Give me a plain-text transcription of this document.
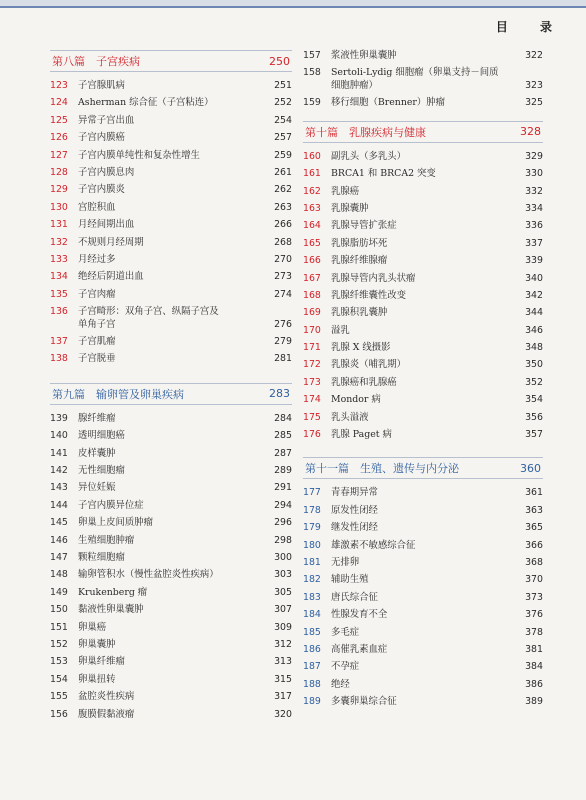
目 录
第八篇　子宫疾病	250
123	子宫腺肌病	251
124	Asherman 综合征（子宫粘连）	252
125	异常子宫出血	254
126	子宫内膜癌	257
127	子宫内膜单纯性和复杂性增生	259
128	子宫内膜息肉	261
129	子宫内膜炎	262
130	宫腔积血	263
131	月经间期出血	266
132	不规则月经周期	268
133	月经过多	270
134	绝经后阴道出血	273
135	子宫肉瘤	274
136	子宫畸形：双角子宫、纵隔子宫及
单角子宫	276
137	子宫肌瘤	279
138	子宫脱垂	281
第九篇　输卵管及卵巢疾病	283
139	腺纤维瘤	284
140	透明细胞癌	285
141	皮样囊肿	287
142	无性细胞瘤	289
143	异位妊娠	291
144	子宫内膜异位症	294
145	卵巢上皮间质肿瘤	296
146	生殖细胞肿瘤	298
147	颗粒细胞瘤	300
148	输卵管积水（慢性盆腔炎性疾病）	303
149	Krukenberg 瘤	305
150	黏液性卵巢囊肿	307
151	卵巢癌	309
152	卵巢囊肿	312
153	卵巢纤维瘤	313
154	卵巢扭转	315
155	盆腔炎性疾病	317
156	腹膜假黏液瘤	320
157	浆液性卵巢囊肿	322
158	Sertoli-Lydig 细胞瘤（卵巢支持－间质
细胞肿瘤）	323
159	移行细胞（Brenner）肿瘤	325
第十篇　乳腺疾病与健康	328
160	副乳头（多乳头）	329
161	BRCA1 和 BRCA2 突变	330
162	乳腺癌	332
163	乳腺囊肿	334
164	乳腺导管扩张症	336
165	乳腺脂肪坏死	337
166	乳腺纤维腺瘤	339
167	乳腺导管内乳头状瘤	340
168	乳腺纤维囊性改变	342
169	乳腺积乳囊肿	344
170	溢乳	346
171	乳腺 X 线摄影	348
172	乳腺炎（哺乳期）	350
173	乳腺癌和乳腺癌	352
174	Mondor 病	354
175	乳头溢液	356
176	乳腺 Paget 病	357
第十一篇　生殖、遗传与内分泌	360
177	青春期异常	361
178	原发性闭经	363
179	继发性闭经	365
180	雄激素不敏感综合征	366
181	无排卵	368
182	辅助生殖	370
183	唐氏综合征	373
184	性腺发育不全	376
185	多毛症	378
186	高催乳素血症	381
187	不孕症	384
188	绝经	386
189	多囊卵巢综合征	389
